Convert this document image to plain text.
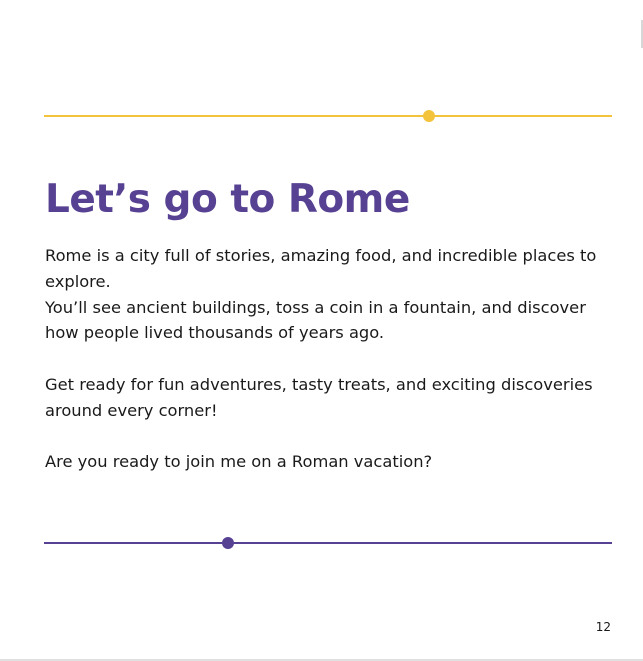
Let’s go to Rome

Rome is a city full of stories, amazing food, and incredible places to explore.

You’ll see ancient buildings, toss a coin in a fountain, and discover how people lived thousands of years ago.

Get ready for fun adventures, tasty treats, and exciting discoveries around every corner!

Are you ready to join me on a Roman vacation?

12
